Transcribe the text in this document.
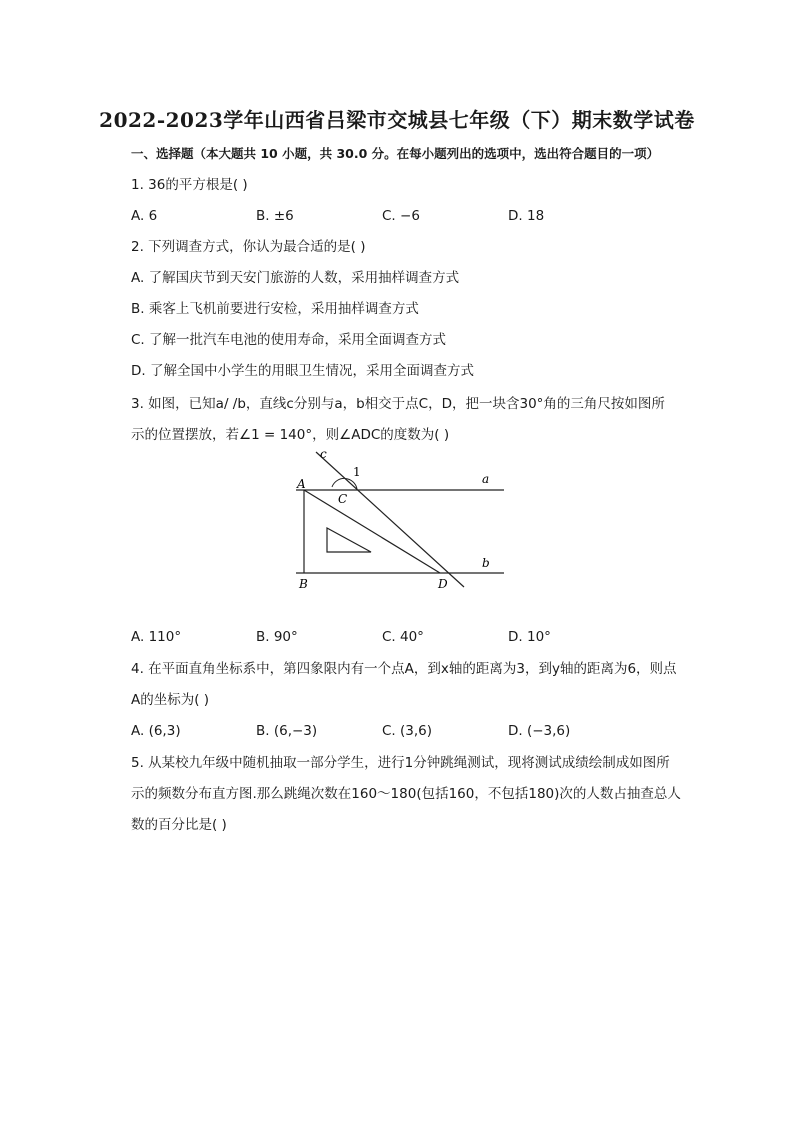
2022-2023学年山西省吕梁市交城县七年级（下）期末数学试卷
一、选择题（本大题共 10 小题，共 30.0 分。在每小题列出的选项中，选出符合题目的一项）
1. 36的平方根是( )
A. 6	B. ±6	C. −6	D. 18
2. 下列调查方式，你认为最合适的是( )
A. 了解国庆节到天安门旅游的人数，采用抽样调查方式
B. 乘客上飞机前要进行安检，采用抽样调查方式
C. 了解一批汽车电池的使用寿命，采用全面调查方式
D. 了解全国中小学生的用眼卫生情况，采用全面调查方式
3. 如图，已知a/ /b，直线c分别与a，b相交于点C，D，把一块含30°角的三角尺按如图所
示的位置摆放，若∠1 = 140°，则∠ADC的度数为( )
c
1	a
A
C
b
B	D
A. 110°	B. 90°	C. 40°	D. 10°
4. 在平面直角坐标系中，第四象限内有一个点A，到x轴的距离为3，到y轴的距离为6，则点
A的坐标为( )
A. (6,3)	B. (6,−3)	C. (3,6)	D. (−3,6)
5. 从某校九年级中随机抽取一部分学生，进行1分钟跳绳测试，现将测试成绩绘制成如图所
示的频数分布直方图.那么跳绳次数在160～180(包括160，不包括180)次的人数占抽查总人
数的百分比是( )
